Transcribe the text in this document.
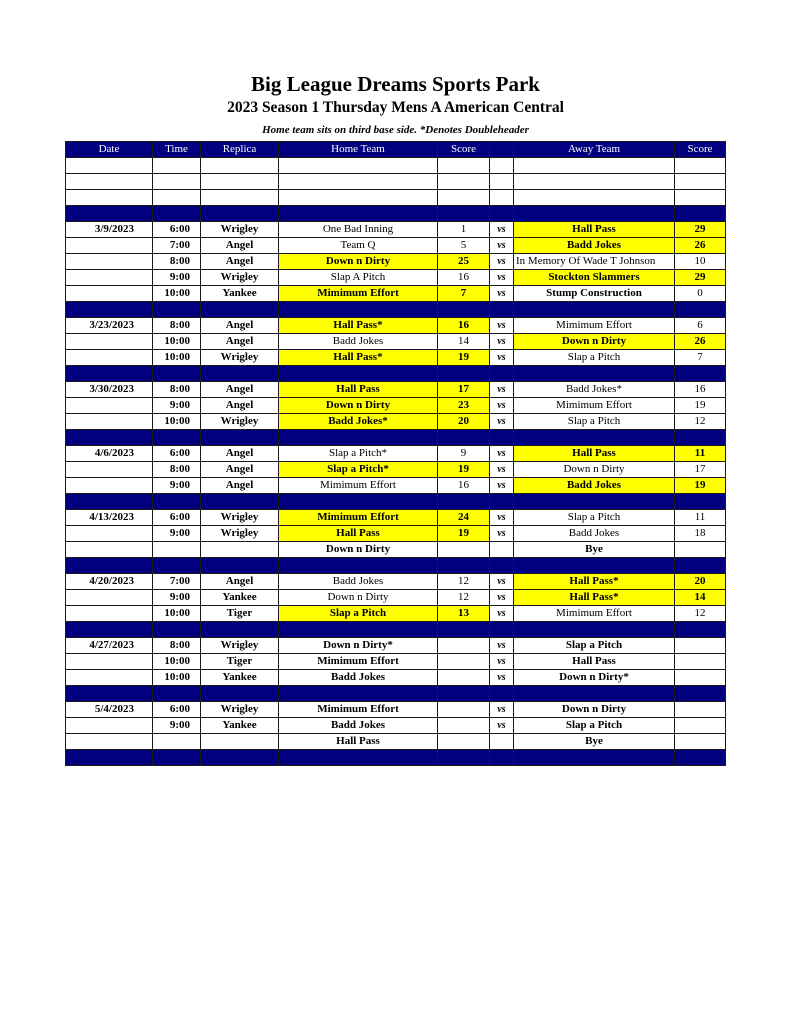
Big League Dreams Sports Park
2023 Season 1 Thursday Mens A American Central
Home team sits on third base side. *Denotes Doubleheader
Date	Time	Replica	Home Team	Score		Away Team	Score

3/9/2023	6:00	Wrigley	One Bad Inning	1	vs	Hall Pass	29
	7:00	Angel	Team Q	5	vs	Badd Jokes	26
	8:00	Angel	Down n Dirty	25	vs	In Memory Of Wade T Johnson	10
	9:00	Wrigley	Slap A Pitch	16	vs	Stockton Slammers	29
	10:00	Yankee	Mimimum Effort	7	vs	Stump Construction	0

3/23/2023	8:00	Angel	Hall Pass*	16	vs	Mimimum Effort	6
	10:00	Angel	Badd Jokes	14	vs	Down n Dirty	26
	10:00	Wrigley	Hall Pass*	19	vs	Slap a Pitch	7

3/30/2023	8:00	Angel	Hall Pass	17	vs	Badd Jokes*	16
	9:00	Angel	Down n Dirty	23	vs	Mimimum Effort	19
	10:00	Wrigley	Badd Jokes*	20	vs	Slap a Pitch	12

4/6/2023	6:00	Angel	Slap a Pitch*	9	vs	Hall Pass	11
	8:00	Angel	Slap a Pitch*	19	vs	Down n Dirty	17
	9:00	Angel	Mimimum Effort	16	vs	Badd Jokes	19

4/13/2023	6:00	Wrigley	Mimimum Effort	24	vs	Slap a Pitch	11
	9:00	Wrigley	Hall Pass	19	vs	Badd Jokes	18
			Down n Dirty			Bye	

4/20/2023	7:00	Angel	Badd Jokes	12	vs	Hall Pass*	20
	9:00	Yankee	Down n Dirty	12	vs	Hall Pass*	14
	10:00	Tiger	Slap a Pitch	13	vs	Mimimum Effort	12

4/27/2023	8:00	Wrigley	Down n Dirty*		vs	Slap a Pitch	
	10:00	Tiger	Mimimum Effort		vs	Hall Pass	
	10:00	Yankee	Badd Jokes		vs	Down n Dirty*	

5/4/2023	6:00	Wrigley	Mimimum Effort		vs	Down n Dirty	
	9:00	Yankee	Badd Jokes		vs	Slap a Pitch	
			Hall Pass			Bye	
